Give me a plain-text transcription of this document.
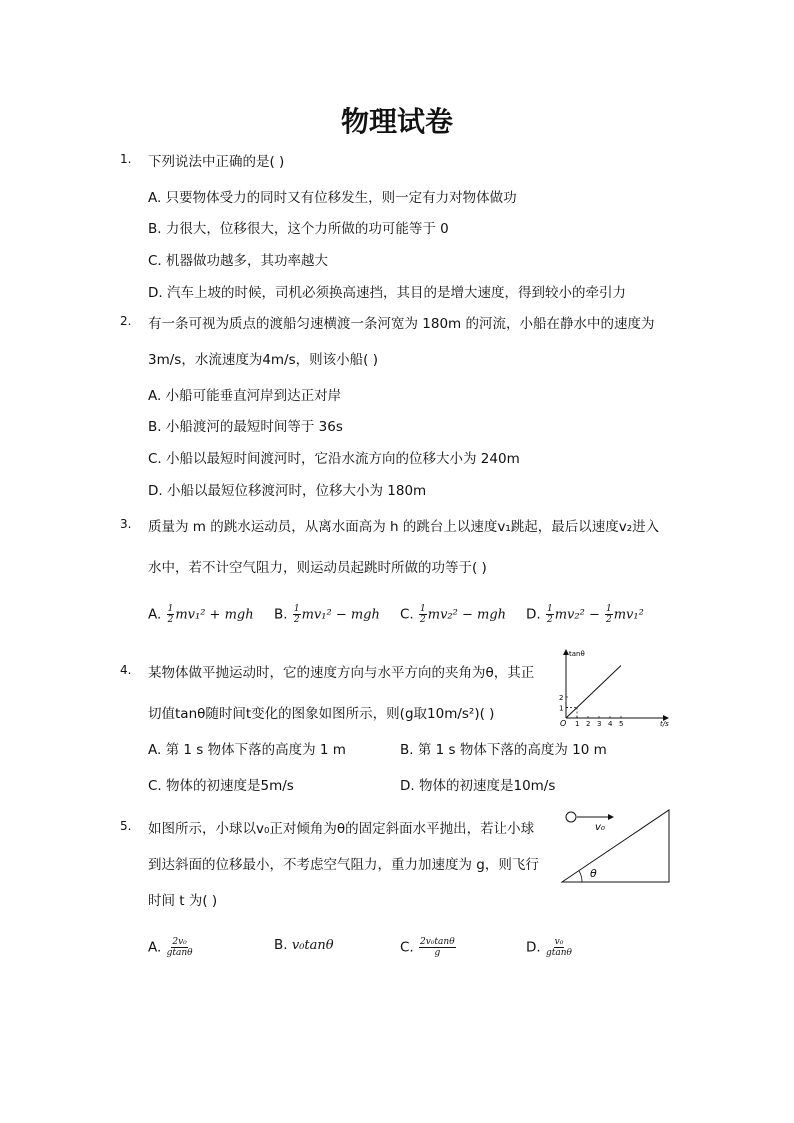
物理试卷
1. 下列说法中正确的是( )
A. 只要物体受力的同时又有位移发生，则一定有力对物体做功
B. 力很大，位移很大，这个力所做的功可能等于 0
C. 机器做功越多，其功率越大
D. 汽车上坡的时候，司机必须换高速挡，其目的是增大速度，得到较小的牵引力
2. 有一条可视为质点的渡船匀速横渡一条河宽为 180m 的河流，小船在静水中的速度为
3m/s，水流速度为4m/s，则该小船( )
A. 小船可能垂直河岸到达正对岸
B. 小船渡河的最短时间等于 36s
C. 小船以最短时间渡河时，它沿水流方向的位移大小为 240m
D. 小船以最短位移渡河时，位移大小为 180m
3. 质量为 m 的跳水运动员，从离水面高为 h 的跳台上以速度v₁跳起，最后以速度v₂进入
水中，若不计空气阻力，则运动员起跳时所做的功等于( )
A. $\frac{1}{2} mv_1^2$ + mgh B. $\frac{1}{2} mv_1^2$ − mgh C. $\frac{1}{2} mv_2^2$ − mgh D. $\frac{1}{2} mv_2^2 - \frac{1}{2} mv_1^2$
4. 某物体做平抛运动时，它的速度方向与水平方向的夹角为θ，其正
切值tanθ随时间t变化的图象如图所示，则(g取10m/s²)( )
tanθ
t/s
O 1 2 3 4 5
1
2
A. 第 1 s 物体下落的高度为 1 m	B. 第 1 s 物体下落的高度为 10 m
C. 物体的初速度是5m/s	D. 物体的初速度是10m/s
5. 如图所示，小球以v₀正对倾角为θ的固定斜面水平抛出，若让小球
到达斜面的位移最小，不考虑空气阻力，重力加速度为 g，则飞行
时间 t 为( )
v₀
θ
A. $\frac{\text{2v₀}}{gtan\theta}$	B. v₀tanθ	C. $\frac{\text{2v₀tanθ}}{g}$	D. $\frac{\text{v₀}}{gtan\theta}$
